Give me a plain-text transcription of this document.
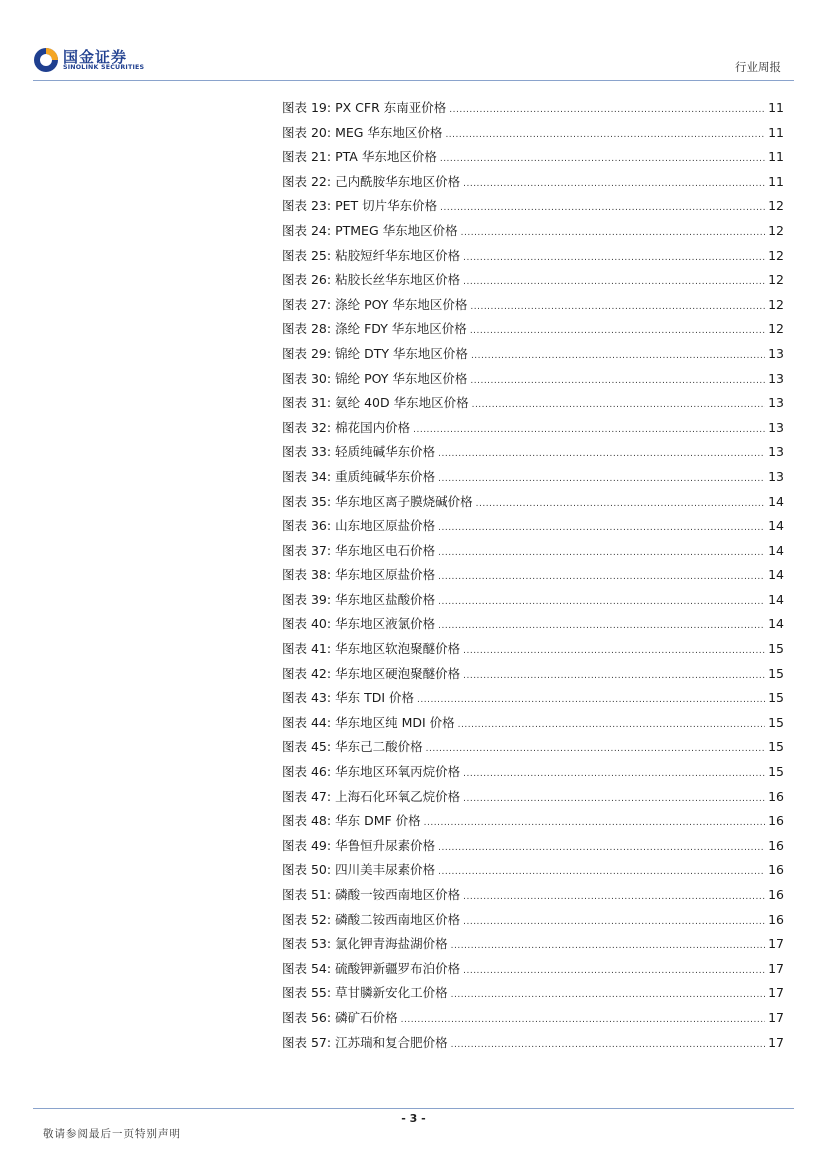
国金证券
SINOLINK SECURITIES	行业周报
图表 19: PX CFR 东南亚价格 .....	11
图表 20: MEG 华东地区价格 .....	11
图表 21: PTA 华东地区价格 .....	11
图表 22: 己内酰胺华东地区价格 .....	11
图表 23: PET 切片华东价格 .....	12
图表 24: PTMEG 华东地区价格 .....	12
图表 25: 粘胶短纤华东地区价格 .....	12
图表 26: 粘胶长丝华东地区价格 .....	12
图表 27: 涤纶 POY 华东地区价格 .....	12
图表 28: 涤纶 FDY 华东地区价格 .....	12
图表 29: 锦纶 DTY 华东地区价格 .....	13
图表 30: 锦纶 POY 华东地区价格 .....	13
图表 31: 氨纶 40D 华东地区价格 .....	13
图表 32: 棉花国内价格 .....	13
图表 33: 轻质纯碱华东价格 .....	13
图表 34: 重质纯碱华东价格 .....	13
图表 35: 华东地区离子膜烧碱价格 .....	14
图表 36: 山东地区原盐价格 .....	14
图表 37: 华东地区电石价格 .....	14
图表 38: 华东地区原盐价格 .....	14
图表 39: 华东地区盐酸价格 .....	14
图表 40: 华东地区液氯价格 .....	14
图表 41: 华东地区软泡聚醚价格 .....	15
图表 42: 华东地区硬泡聚醚价格 .....	15
图表 43: 华东 TDI 价格 .....	15
图表 44: 华东地区纯 MDI 价格 .....	15
图表 45: 华东己二酸价格 .....	15
图表 46: 华东地区环氧丙烷价格 .....	15
图表 47: 上海石化环氧乙烷价格 .....	16
图表 48: 华东 DMF 价格 .....	16
图表 49: 华鲁恒升尿素价格 .....	16
图表 50: 四川美丰尿素价格 .....	16
图表 51: 磷酸一铵西南地区价格 .....	16
图表 52: 磷酸二铵西南地区价格 .....	16
图表 53: 氯化钾青海盐湖价格 .....	17
图表 54: 硫酸钾新疆罗布泊价格 .....	17
图表 55: 草甘膦新安化工价格 .....	17
图表 56: 磷矿石价格 .....	17
图表 57: 江苏瑞和复合肥价格 .....	17
- 3 -
敬请参阅最后一页特别声明
